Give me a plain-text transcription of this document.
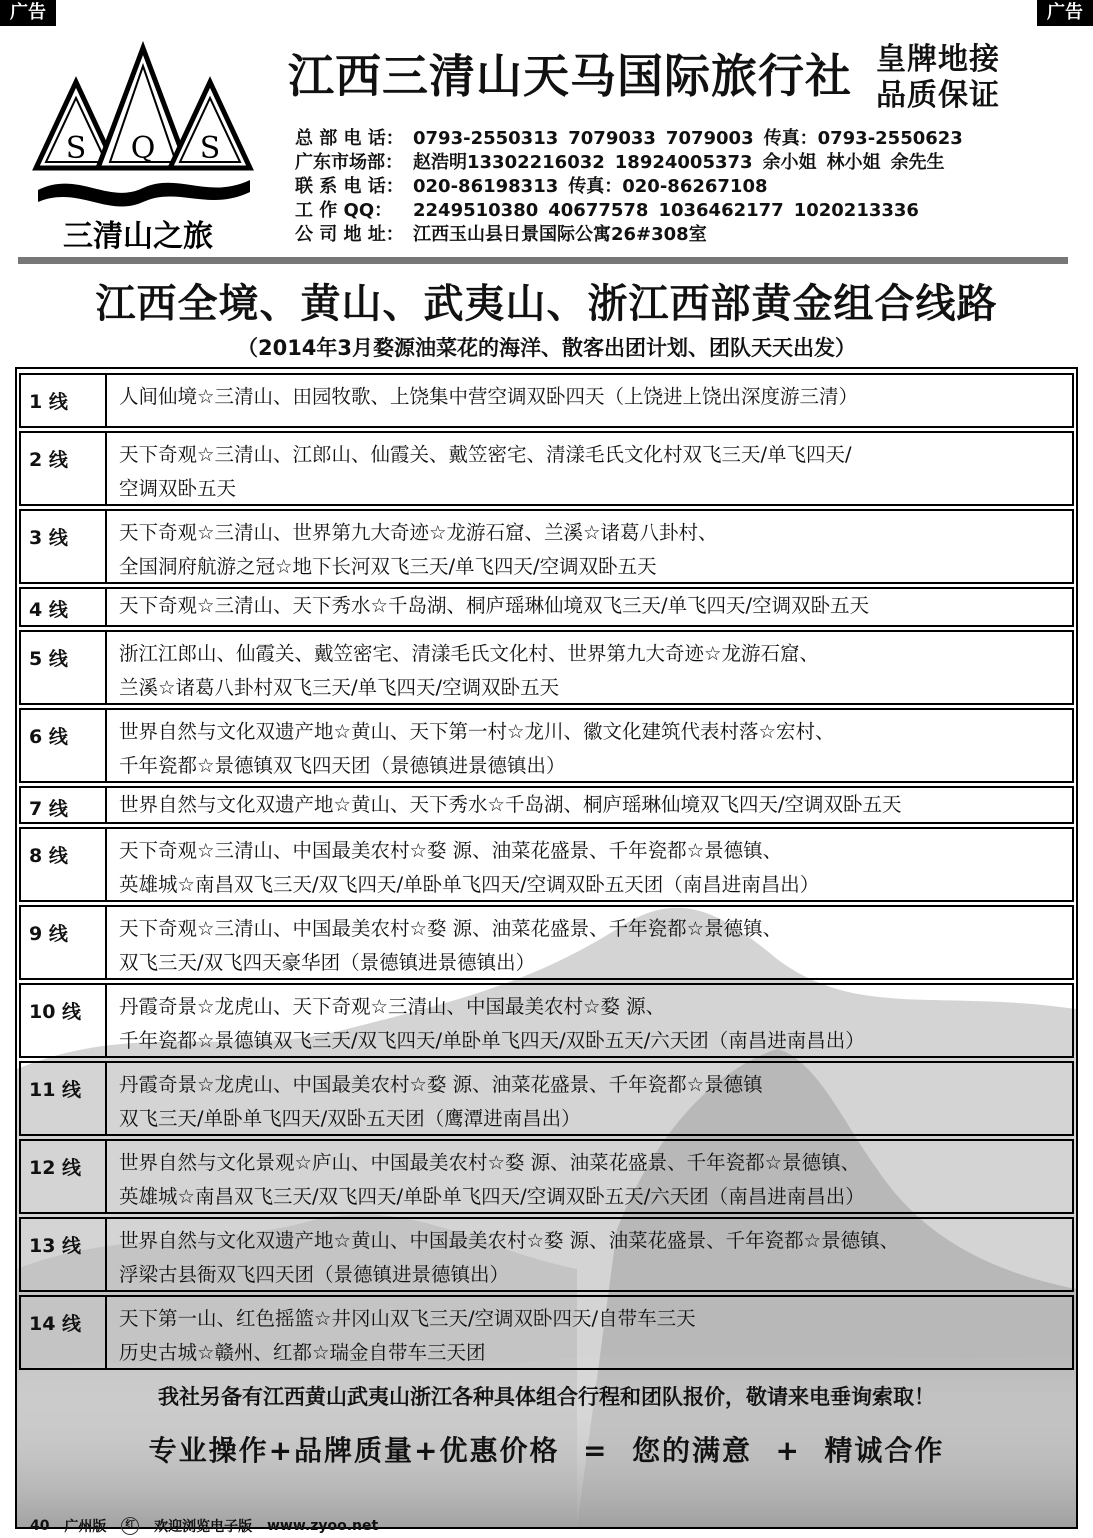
广告	广告
S Q S
三清山之旅
江西三清山天马国际旅行社 皇牌地接
品质保证
总 部 电 话： 0793-2550313 7079033 7079003 传真：0793-2550623
广东市场部： 赵浩明13302216032 18924005373 余小姐 林小姐 余先生
联 系 电 话： 020-86198313 传真：020-86267108
工 作 QQ： 2249510380 40677578 1036462177 1020213336
公 司 地 址： 江西玉山县日景国际公寓26#308室
江西全境、黄山、武夷山、浙江西部黄金组合线路
（2014年3月婺源油菜花的海洋、散客出团计划、团队天天出发）
1 线	人间仙境☆三清山、田园牧歌、上饶集中营空调双卧四天（上饶进上饶出深度游三清）
2 线	天下奇观☆三清山、江郎山、仙霞关、戴笠密宅、清漾毛氏文化村双飞三天/单飞四天/
空调双卧五天
3 线	天下奇观☆三清山、世界第九大奇迹☆龙游石窟、兰溪☆诸葛八卦村、
全国洞府航游之冠☆地下长河双飞三天/单飞四天/空调双卧五天
4 线	天下奇观☆三清山、天下秀水☆千岛湖、桐庐瑶琳仙境双飞三天/单飞四天/空调双卧五天
5 线	浙江江郎山、仙霞关、戴笠密宅、清漾毛氏文化村、世界第九大奇迹☆龙游石窟、
兰溪☆诸葛八卦村双飞三天/单飞四天/空调双卧五天
6 线	世界自然与文化双遗产地☆黄山、天下第一村☆龙川、徽文化建筑代表村落☆宏村、
千年瓷都☆景德镇双飞四天团（景德镇进景德镇出）
7 线	世界自然与文化双遗产地☆黄山、天下秀水☆千岛湖、桐庐瑶琳仙境双飞四天/空调双卧五天
8 线	天下奇观☆三清山、中国最美农村☆婺 源、油菜花盛景、千年瓷都☆景德镇、
英雄城☆南昌双飞三天/双飞四天/单卧单飞四天/空调双卧五天团（南昌进南昌出）
9 线	天下奇观☆三清山、中国最美农村☆婺 源、油菜花盛景、千年瓷都☆景德镇、
双飞三天/双飞四天豪华团（景德镇进景德镇出）
10 线	丹霞奇景☆龙虎山、天下奇观☆三清山、中国最美农村☆婺 源、
千年瓷都☆景德镇双飞三天/双飞四天/单卧单飞四天/双卧五天/六天团（南昌进南昌出）
11 线	丹霞奇景☆龙虎山、中国最美农村☆婺 源、油菜花盛景、千年瓷都☆景德镇
双飞三天/单卧单飞四天/双卧五天团（鹰潭进南昌出）
12 线	世界自然与文化景观☆庐山、中国最美农村☆婺 源、油菜花盛景、千年瓷都☆景德镇、
英雄城☆南昌双飞三天/双飞四天/单卧单飞四天/空调双卧五天/六天团（南昌进南昌出）
13 线	世界自然与文化双遗产地☆黄山、中国最美农村☆婺 源、油菜花盛景、千年瓷都☆景德镇、
浮梁古县衙双飞四天团（景德镇进景德镇出）
14 线	天下第一山、红色摇篮☆井冈山双飞三天/空调双卧四天/自带车三天
历史古城☆赣州、红都☆瑞金自带车三天团
我社另备有江西黄山武夷山浙江各种具体组合行程和团队报价，敬请来电垂询索取！
专业操作+品牌质量+优惠价格  =  您的满意  +  精诚合作
40 广州版 红 欢迎浏览电子版 www.zyoo.net
